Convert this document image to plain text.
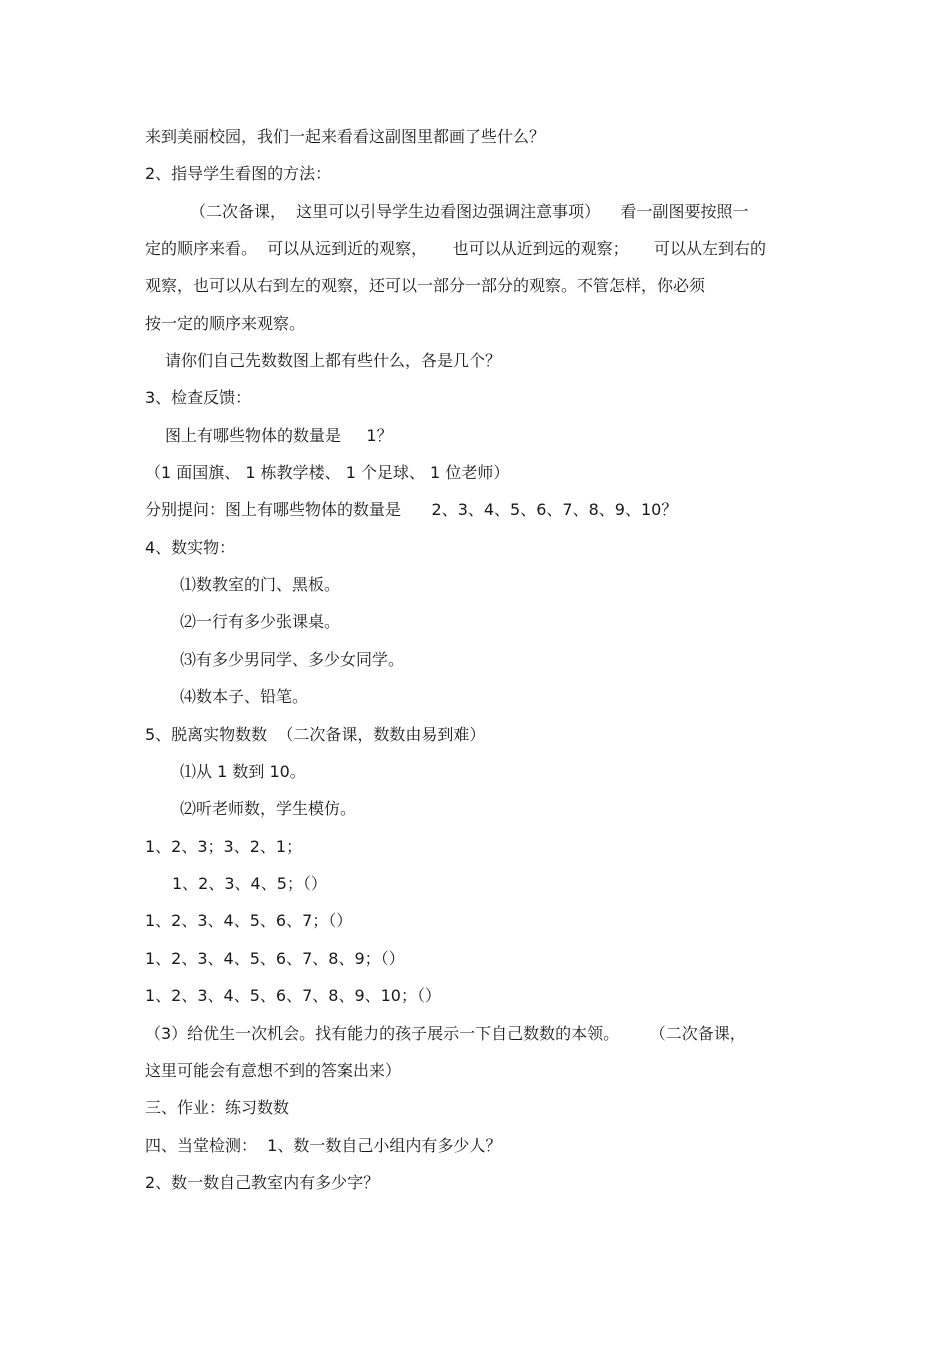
来到美丽校园，我们一起来看看这副图里都画了些什么？

2、指导学生看图的方法：

（二次备课，  这里可以引导学生边看图边强调注意事项）    看一副图要按照一

定的顺序来看。  可以从远到近的观察，     也可以从近到远的观察；     可以从左到右的

观察，也可以从右到左的观察，还可以一部分一部分的观察。不管怎样，你必须

按一定的顺序来观察。

请你们自己先数数图上都有些什么，各是几个？

3、检查反馈：

图上有哪些物体的数量是     1？

（1 面国旗、 1 栋教学楼、 1 个足球、 1 位老师）

分别提问：图上有哪些物体的数量是      2、3、4、5、6、7、8、9、10？

4、数实物：

⑴数教室的门、黑板。

⑵一行有多少张课桌。

⑶有多少男同学、多少女同学。

⑷数本子、铅笔。

5、脱离实物数数  （二次备课，数数由易到难）

⑴从 1 数到 10。

⑵听老师数，学生模仿。

1、2、3；3、2、1；

1、2、3、4、5；（）

1、2、3、4、5、6、7；（）

1、2、3、4、5、6、7、8、9；（）

1、2、3、4、5、6、7、8、9、10；（）

（3）给优生一次机会。找有能力的孩子展示一下自己数数的本领。      （二次备课，

这里可能会有意想不到的答案出来）

三、作业：练习数数

四、当堂检测：  1、数一数自己小组内有多少人？

2、数一数自己教室内有多少字？
